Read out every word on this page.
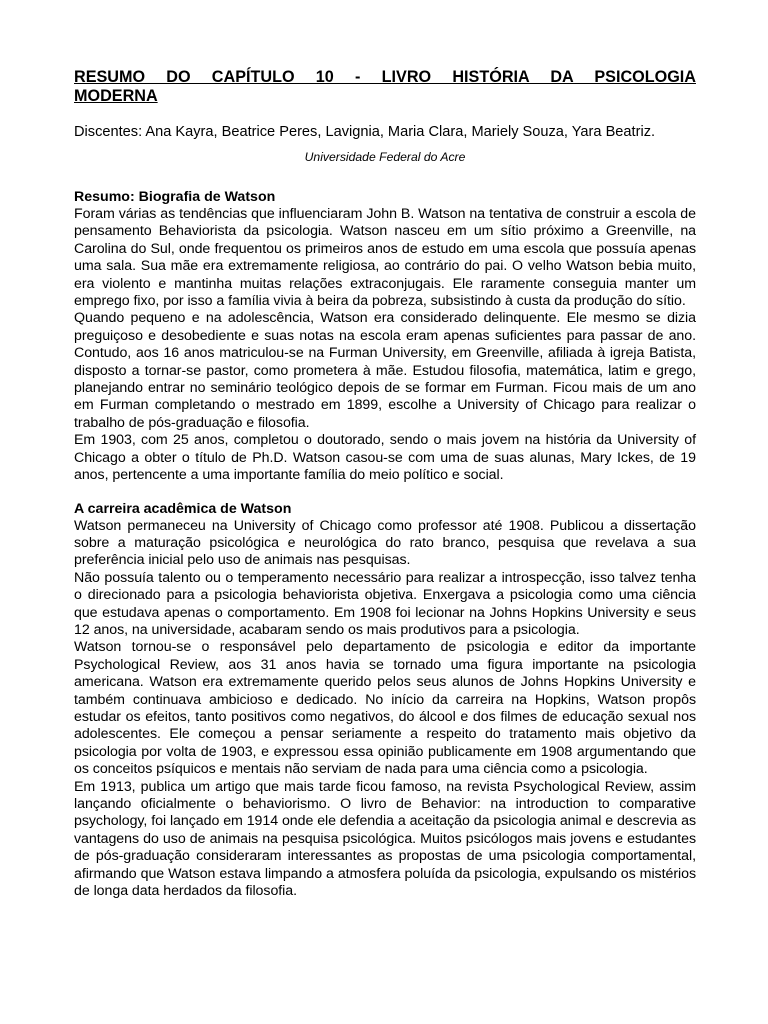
RESUMO DO CAPÍTULO 10 - LIVRO HISTÓRIA DA PSICOLOGIA
MODERNA

Discentes: Ana Kayra, Beatrice Peres, Lavignia, Maria Clara, Mariely Souza, Yara Beatriz.

Universidade Federal do Acre

Resumo: Biografia de Watson

Foram várias as tendências que influenciaram John B. Watson na tentativa de construir a escola de pensamento Behaviorista da psicologia. Watson nasceu em um sítio próximo a Greenville, na Carolina do Sul, onde frequentou os primeiros anos de estudo em uma escola que possuía apenas uma sala. Sua mãe era extremamente religiosa, ao contrário do pai. O velho Watson bebia muito, era violento e mantinha muitas relações extraconjugais. Ele raramente conseguia manter um emprego fixo, por isso a família vivia à beira da pobreza, subsistindo à custa da produção do sítio.

Quando pequeno e na adolescência, Watson era considerado delinquente. Ele mesmo se dizia preguiçoso e desobediente e suas notas na escola eram apenas suficientes para passar de ano. Contudo, aos 16 anos matriculou-se na Furman University, em Greenville, afiliada à igreja Batista, disposto a tornar-se pastor, como prometera à mãe. Estudou filosofia, matemática, latim e grego, planejando entrar no seminário teológico depois de se formar em Furman. Ficou mais de um ano em Furman completando o mestrado em 1899, escolhe a University of Chicago para realizar o trabalho de pós-graduação e filosofia.

Em 1903, com 25 anos, completou o doutorado, sendo o mais jovem na história da University of Chicago a obter o título de Ph.D. Watson casou-se com uma de suas alunas, Mary Ickes, de 19 anos, pertencente a uma importante família do meio político e social.

A carreira acadêmica de Watson

Watson permaneceu na University of Chicago como professor até 1908. Publicou a dissertação sobre a maturação psicológica e neurológica do rato branco, pesquisa que revelava a sua preferência inicial pelo uso de animais nas pesquisas.

Não possuía talento ou o temperamento necessário para realizar a introspecção, isso talvez tenha o direcionado para a psicologia behaviorista objetiva. Enxergava a psicologia como uma ciência que estudava apenas o comportamento. Em 1908 foi lecionar na Johns Hopkins University e seus 12 anos, na universidade, acabaram sendo os mais produtivos para a psicologia.

Watson tornou-se o responsável pelo departamento de psicologia e editor da importante Psychological Review, aos 31 anos havia se tornado uma figura importante na psicologia americana. Watson era extremamente querido pelos seus alunos de Johns Hopkins University e também continuava ambicioso e dedicado. No início da carreira na Hopkins, Watson propôs estudar os efeitos, tanto positivos como negativos, do álcool e dos filmes de educação sexual nos adolescentes. Ele começou a pensar seriamente a respeito do tratamento mais objetivo da psicologia por volta de 1903, e expressou essa opinião publicamente em 1908 argumentando que os conceitos psíquicos e mentais não serviam de nada para uma ciência como a psicologia.

Em 1913, publica um artigo que mais tarde ficou famoso, na revista Psychological Review, assim lançando oficialmente o behaviorismo. O livro de Behavior: na introduction to comparative psychology, foi lançado em 1914 onde ele defendia a aceitação da psicologia animal e descrevia as vantagens do uso de animais na pesquisa psicológica. Muitos psicólogos mais jovens e estudantes de pós-graduação consideraram interessantes as propostas de uma psicologia comportamental, afirmando que Watson estava limpando a atmosfera poluída da psicologia, expulsando os mistérios de longa data herdados da filosofia.
